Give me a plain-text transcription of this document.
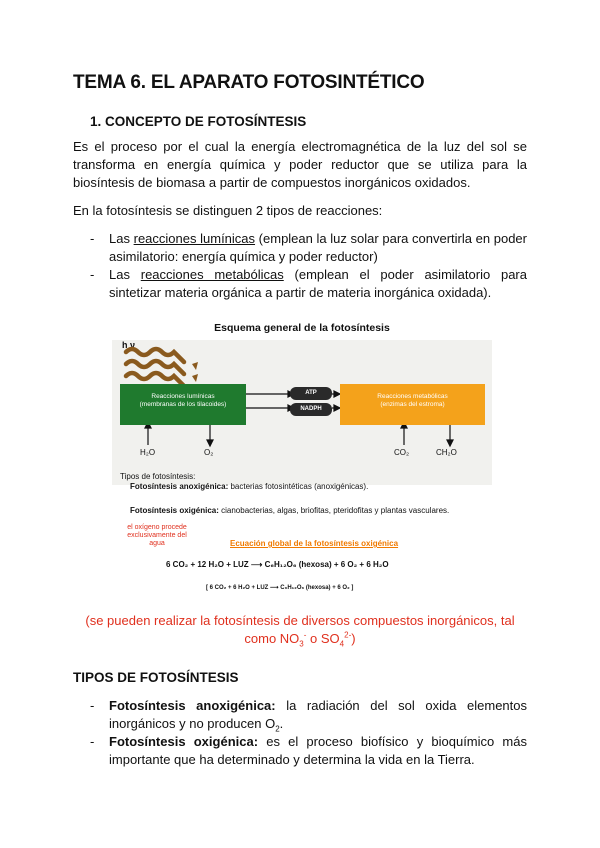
TEMA 6. EL APARATO FOTOSINTÉTICO
1. CONCEPTO DE FOTOSÍNTESIS

Es el proceso por el cual la energía electromagnética de la luz del sol se transforma en energía química y poder reductor que se utiliza para la biosíntesis de biomasa a partir de compuestos inorgánicos oxidados.

En la fotosíntesis se distinguen 2 tipos de reacciones:

- Las reacciones lumínicas (emplean la luz solar para convertirla en poder asimilatorio: energía química y poder reductor)
- Las reacciones metabólicas (emplean el poder asimilatorio para sintetizar materia orgánica a partir de materia inorgánica oxidada).
Esquema general de la fotosíntesis
h ν
Reacciones lumínicas
(membranas de los tilacoides)
Reacciones metabólicas
(enzimas del estroma)
ATP
NADPH
H₂O	O₂	CO₂	CH₂O
Tipos de fotosíntesis:
Fotosíntesis anoxigénica: bacterias fotosintéticas (anoxigénicas).
Fotosíntesis oxigénica: cianobacterias, algas, briofitas, pteridofitas y plantas vasculares.
el oxígeno procede exclusivamente del agua	Ecuación global de la fotosíntesis oxigénica
6 CO₂ + 12 H₂O + LUZ ⟶ C₆H₁₂O₆ (hexosa) + 6 O₂ + 6 H₂O
[ 6 CO₂ + 6 H₂O + LUZ ⟶ C₆H₁₂O₆ (hexosa) + 6 O₂ ]
(se pueden realizar la fotosíntesis de diversos compuestos inorgánicos, tal
como $NO_3^-$ o $SO_4^{2-}$)
TIPOS DE FOTOSÍNTESIS
- Fotosíntesis anoxigénica: la radiación del sol oxida elementos inorgánicos y no producen $O_2$.
- Fotosíntesis oxigénica: es el proceso biofísico y bioquímico más importante que ha determinado y determina la vida en la Tierra.
